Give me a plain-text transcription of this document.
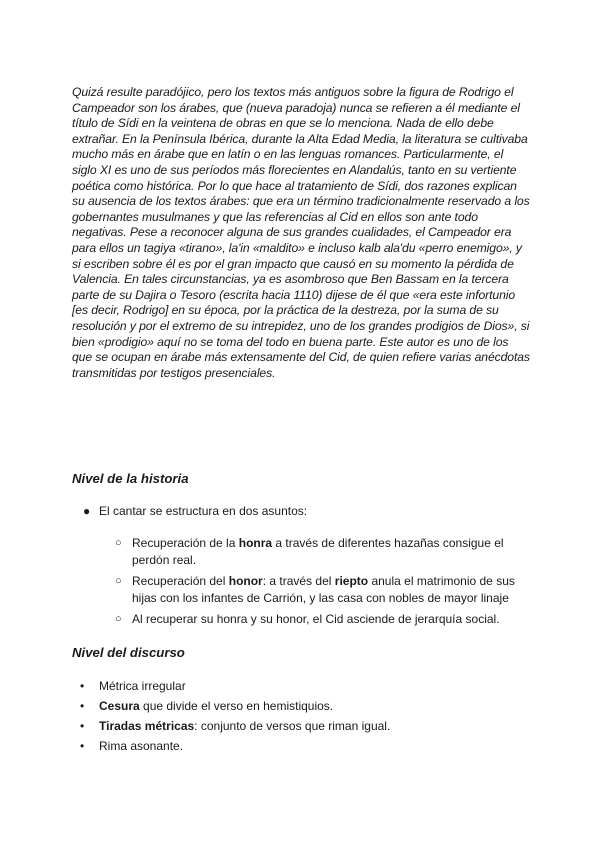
Quizá resulte paradójico, pero los textos más antiguos sobre la figura de Rodrigo el Campeador son los árabes, que (nueva paradoja) nunca se refieren a él mediante el título de Sídi en la veintena de obras en que se lo menciona. Nada de ello debe extrañar. En la Península Ibérica, durante la Alta Edad Media, la literatura se cultivaba mucho más en árabe que en latín o en las lenguas romances. Particularmente, el siglo XI es uno de sus períodos más florecientes en Alandalús, tanto en su vertiente poética como histórica. Por lo que hace al tratamiento de Sídi, dos razones explican su ausencia de los textos árabes: que era un término tradicionalmente reservado a los gobernantes musulmanes y que las referencias al Cid en ellos son ante todo negativas. Pese a reconocer alguna de sus grandes cualidades, el Campeador era para ellos un tagiya «tirano», la'in «maldito» e incluso kalb ala'du «perro enemigo», y si escriben sobre él es por el gran impacto que causó en su momento la pérdida de Valencia. En tales circunstancias, ya es asombroso que Ben Bassam en la tercera parte de su Dajira o Tesoro (escrita hacia 1110) dijese de él que «era este infortunio [es decir, Rodrigo] en su época, por la práctica de la destreza, por la suma de su resolución y por el extremo de su intrepidez, uno de los grandes prodigios de Dios», si bien «prodigio» aquí no se toma del todo en buena parte. Este autor es uno de los que se ocupan en árabe más extensamente del Cid, de quien refiere varias anécdotas transmitidas por testigos presenciales.

Nivel de la historia
● El cantar se estructura en dos asuntos:
○ Recuperación de la honra a través de diferentes hazañas consigue el perdón real.
○ Recuperación del honor: a través del riepto anula el matrimonio de sus hijas con los infantes de Carrión, y las casa con nobles de mayor linaje
○ Al recuperar su honra y su honor, el Cid asciende de jerarquía social.
Nivel del discurso
• Métrica irregular
• Cesura que divide el verso en hemistiquios.
• Tiradas métricas: conjunto de versos que riman igual.
• Rima asonante.
